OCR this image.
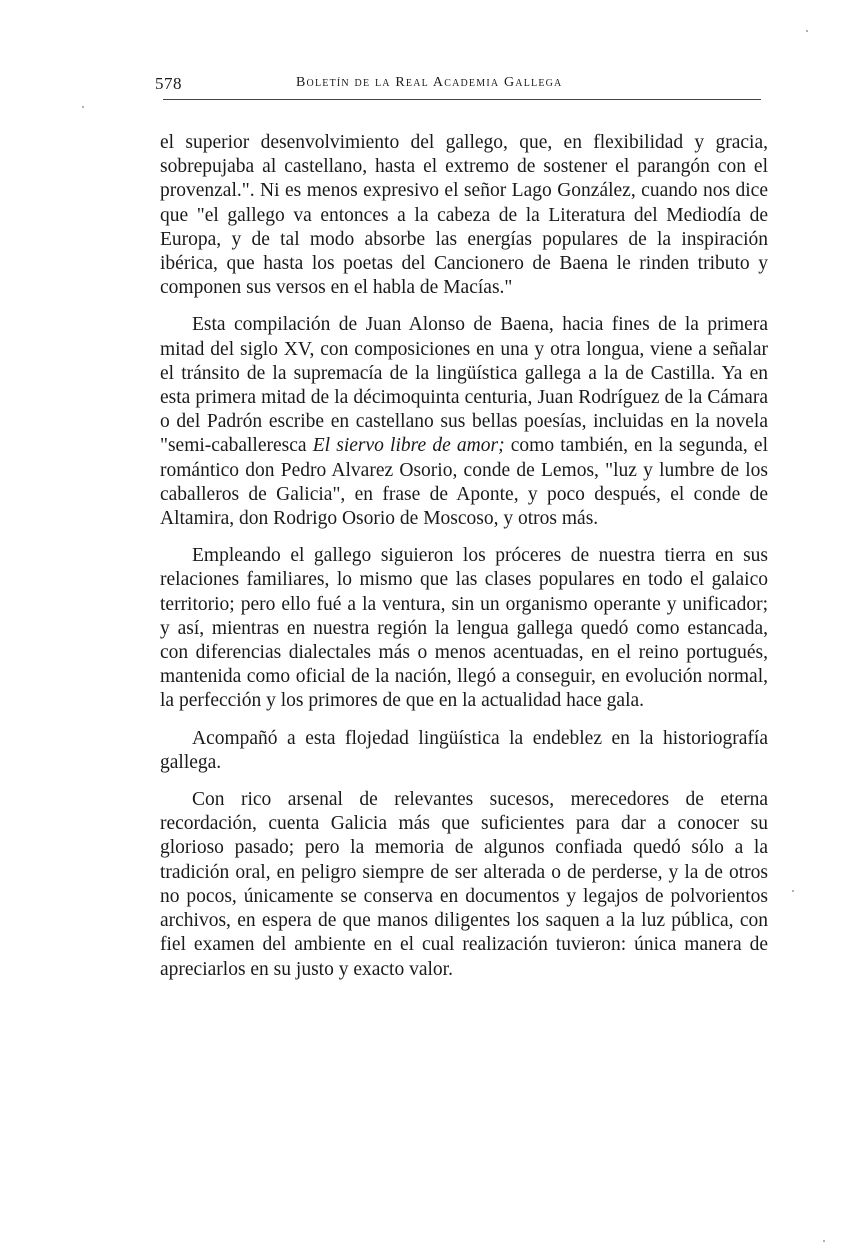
578	Boletín de la Real Academia Gallega

el superior desenvolvimiento del gallego, que, en flexibilidad y gracia, sobrepujaba al castellano, hasta el extremo de sostener el parangón con el provenzal.". Ni es menos expresivo el señor Lago González, cuando nos dice que "el gallego va entonces a la cabeza de la Literatura del Mediodía de Europa, y de tal modo absorbe las energías populares de la inspiración ibérica, que hasta los poetas del Cancionero de Baena le rinden tributo y componen sus versos en el habla de Macías."

Esta compilación de Juan Alonso de Baena, hacia fines de la primera mitad del siglo XV, con composiciones en una y otra longua, viene a señalar el tránsito de la supremacía de la lingüística gallega a la de Castilla. Ya en esta primera mitad de la décimoquinta centuria, Juan Rodríguez de la Cámara o del Padrón escribe en castellano sus bellas poesías, incluidas en la novela "semi-caballeresca El siervo libre de amor; como también, en la segunda, el romántico don Pedro Alvarez Osorio, conde de Lemos, "luz y lumbre de los caballeros de Galicia", en frase de Aponte, y poco después, el conde de Altamira, don Rodrigo Osorio de Moscoso, y otros más.

Empleando el gallego siguieron los próceres de nuestra tierra en sus relaciones familiares, lo mismo que las clases populares en todo el galaico territorio; pero ello fué a la ventura, sin un organismo operante y unificador; y así, mientras en nuestra región la lengua gallega quedó como estancada, con diferencias dialectales más o menos acentuadas, en el reino portugués, mantenida como oficial de la nación, llegó a conseguir, en evolución normal, la perfección y los primores de que en la actualidad hace gala.

Acompañó a esta flojedad lingüística la endeblez en la historiografía gallega.

Con rico arsenal de relevantes sucesos, merecedores de eterna recordación, cuenta Galicia más que suficientes para dar a conocer su glorioso pasado; pero la memoria de algunos confiada quedó sólo a la tradición oral, en peligro siempre de ser alterada o de perderse, y la de otros no pocos, únicamente se conserva en documentos y legajos de polvorientos archivos, en espera de que manos diligentes los saquen a la luz pública, con fiel examen del ambiente en el cual realización tuvieron: única manera de apreciarlos en su justo y exacto valor.
